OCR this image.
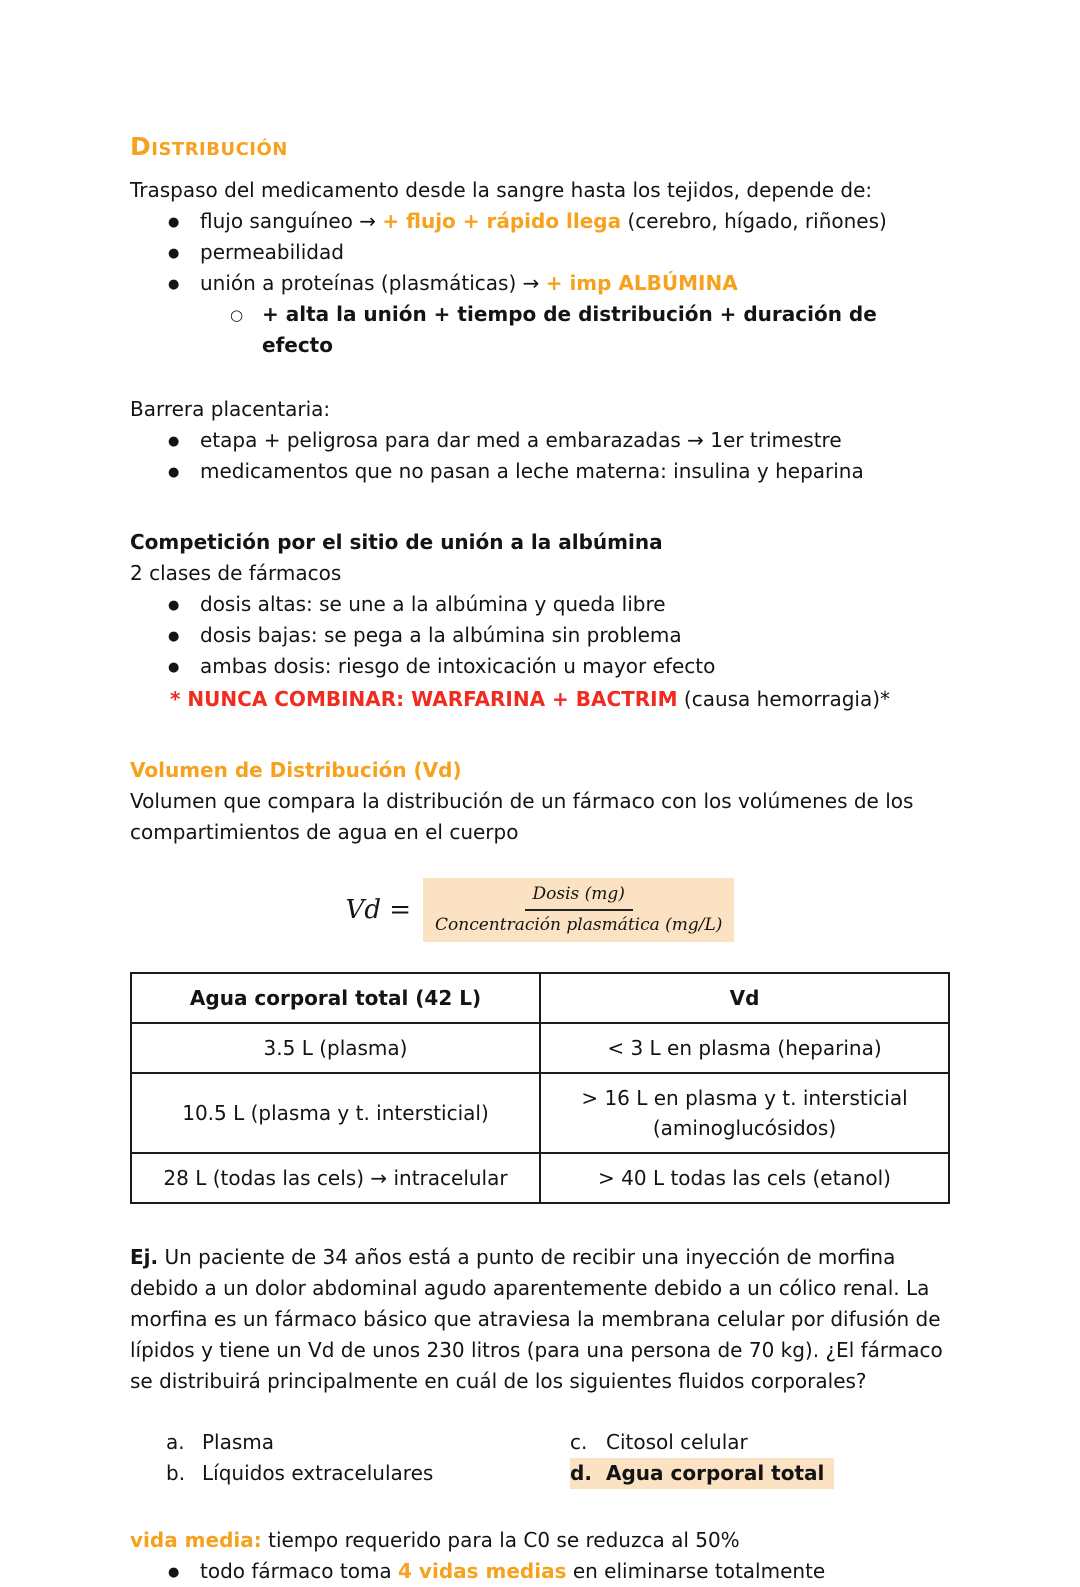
Distribución
Traspaso del medicamento desde la sangre hasta los tejidos, depende de:
● flujo sanguíneo → + flujo + rápido llega (cerebro, hígado, riñones)
● permeabilidad
● unión a proteínas (plasmáticas) → + imp ALBÚMINA
○ + alta la unión + tiempo de distribución + duración de efecto
Barrera placentaria:
● etapa + peligrosa para dar med a embarazadas → 1er trimestre
● medicamentos que no pasan a leche materna: insulina y heparina
Competición por el sitio de unión a la albúmina
2 clases de fármacos
● dosis altas: se une a la albúmina y queda libre
● dosis bajas: se pega a la albúmina sin problema
● ambas dosis: riesgo de intoxicación u mayor efecto
* NUNCA COMBINAR: WARFARINA + BACTRIM (causa hemorragia)*
Volumen de Distribución (Vd)
Volumen que compara la distribución de un fármaco con los volúmenes de los compartimientos de agua en el cuerpo
$Vd = \frac{\text{Dosis (mg)}}{\text{Concentración plasmática (mg/L)}}$
Agua corporal total (42 L)	Vd
3.5 L (plasma)	< 3 L en plasma (heparina)
10.5 L (plasma y t. intersticial)	> 16 L en plasma y t. intersticial (aminoglucósidos)
28 L (todas las cels) → intracelular	> 40 L todas las cels (etanol)
Ej. Un paciente de 34 años está a punto de recibir una inyección de morfina debido a un dolor abdominal agudo aparentemente debido a un cólico renal. La morfina es un fármaco básico que atraviesa la membrana celular por difusión de lípidos y tiene un Vd de unos 230 litros (para una persona de 70 kg). ¿El fármaco se distribuirá principalmente en cuál de los siguientes fluidos corporales?
a. Plasma
b. Líquidos extracelulares
c. Citosol celular
d. Agua corporal total
vida media: tiempo requerido para la C0 se reduzca al 50%
● todo fármaco toma 4 vidas medias en eliminarse totalmente
